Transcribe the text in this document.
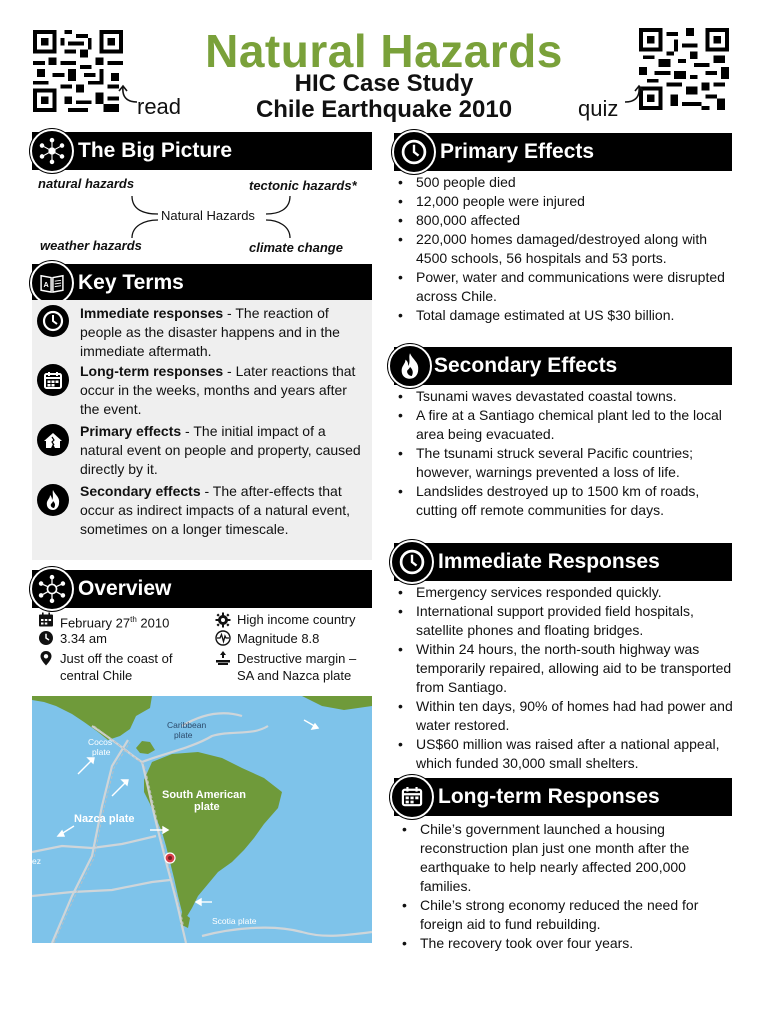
Natural Hazards
HIC Case Study
Chile Earthquake 2010
read	quiz
The Big Picture
natural hazards	tectonic hazards*
Natural Hazards
weather hazards	climate change
Key Terms
A
Immediate responses - The reaction of people as the disaster happens and in the immediate aftermath.
Long-term responses - Later reactions that occur in the weeks, months and years after the event.
Primary effects - The initial impact of a natural event on people and property, caused directly by it.
Secondary effects - The after-effects that occur as indirect impacts of a natural event, sometimes on a longer timescale.
Overview
February 27th 2010
3.34 am
Just off the coast of
central Chile
High income country
Magnitude 8.8
Destructive margin –
SA and Nazca plate
Caribbean
plate
Cocos
plate
South American
plate
Nazca plate
Scotia plate
ez
Primary Effects
• 500 people died
• 12,000 people were injured
• 800,000 affected
• 220,000 homes damaged/destroyed along with 4500 schools, 56 hospitals and 53 ports.
• Power, water and communications were disrupted across Chile.
• Total damage estimated at US $30 billion.
Secondary Effects
• Tsunami waves devastated coastal towns.
• A fire at a Santiago chemical plant led to the local area being evacuated.
• The tsunami struck several Pacific countries; however, warnings prevented a loss of life.
• Landslides destroyed up to 1500 km of roads, cutting off remote communities for days.
Immediate Responses
• Emergency services responded quickly.
• International support provided field hospitals, satellite phones and floating bridges.
• Within 24 hours, the north-south highway was temporarily repaired, allowing aid to be transported from Santiago.
• Within ten days, 90% of homes had had power and water restored.
• US$60 million was raised after a national appeal, which funded 30,000 small shelters.
Long-term Responses
• Chile’s government launched a housing reconstruction plan just one month after the earthquake to help nearly affected 200,000 families.
• Chile’s strong economy reduced the need for foreign aid to fund rebuilding.
• The recovery took over four years.
